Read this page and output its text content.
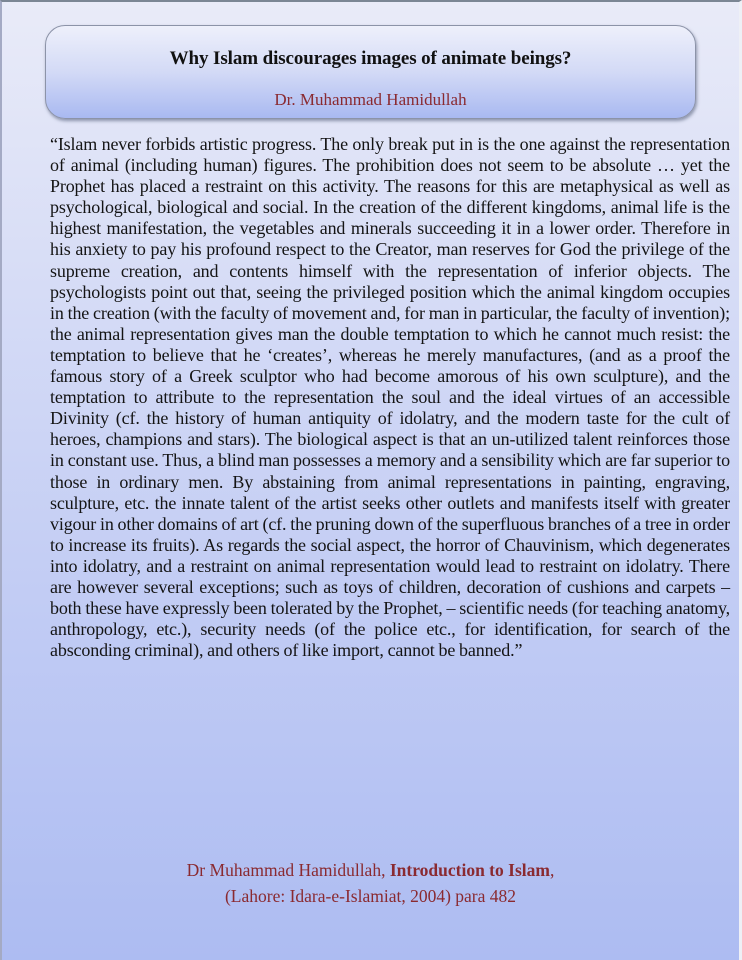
Why Islam discourages images of animate beings?
Dr. Muhammad Hamidullah

“Islam never forbids artistic progress. The only break put in is the one against the representation of animal (including human) figures. The prohibition does not seem to be absolute … yet the Prophet has placed a restraint on this activity. The reasons for this are metaphysical as well as psychological, biological and social. In the creation of the different kingdoms, animal life is the highest manifestation, the vegetables and minerals succeeding it in a lower order. Therefore in his anxiety to pay his profound respect to the Creator, man reserves for God the privilege of the supreme creation, and contents himself with the representation of inferior objects. The psychologists point out that, seeing the privileged position which the animal kingdom occupies in the creation (with the faculty of movement and, for man in particular, the faculty of invention); the animal representation gives man the double temptation to which he cannot much resist: the temptation to believe that he ‘creates’, whereas he merely manufactures, (and as a proof the famous story of a Greek sculptor who had become amorous of his own sculpture), and the temptation to attribute to the representation the soul and the ideal virtues of an accessible Divinity (cf. the history of human antiquity of idolatry, and the modern taste for the cult of heroes, champions and stars). The biological aspect is that an un-utilized talent reinforces those in constant use. Thus, a blind man possesses a memory and a sensibility which are far superior to those in ordinary men. By abstaining from animal representations in painting, engraving, sculpture, etc. the innate talent of the artist seeks other outlets and manifests itself with greater vigour in other domains of art (cf. the pruning down of the superfluous branches of a tree in order to increase its fruits). As regards the social aspect, the horror of Chauvinism, which degenerates into idolatry, and a restraint on animal representation would lead to restraint on idolatry. There are however several exceptions; such as toys of children, decoration of cushions and carpets – both these have expressly been tolerated by the Prophet, – scientific needs (for teaching anatomy, anthropology, etc.), security needs (of the police etc., for identification, for search of the absconding criminal), and others of like import, cannot be banned.”

Dr Muhammad Hamidullah, Introduction to Islam,
(Lahore: Idara-e-Islamiat, 2004) para 482
